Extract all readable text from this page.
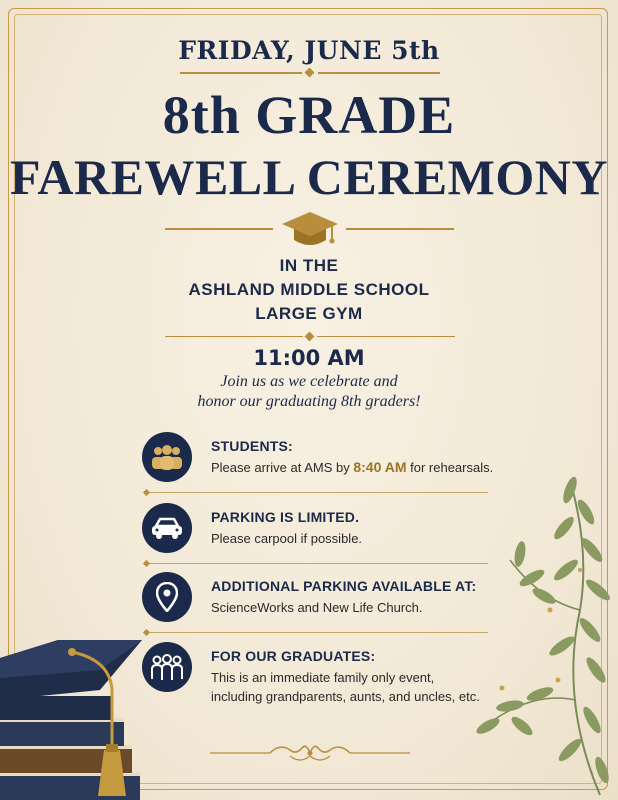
FRIDAY, JUNE 5th
8th GRADE
FAREWELL CEREMONY
IN THE
ASHLAND MIDDLE SCHOOL
LARGE GYM
11:00 AM
Join us as we celebrate and
honor our graduating 8th graders!
STUDENTS:
Please arrive at AMS by 8:40 AM for rehearsals.
PARKING IS LIMITED.
Please carpool if possible.
ADDITIONAL PARKING AVAILABLE AT:
ScienceWorks and New Life Church.
FOR OUR GRADUATES:
This is an immediate family only event,
including grandparents, aunts, and uncles, etc.
